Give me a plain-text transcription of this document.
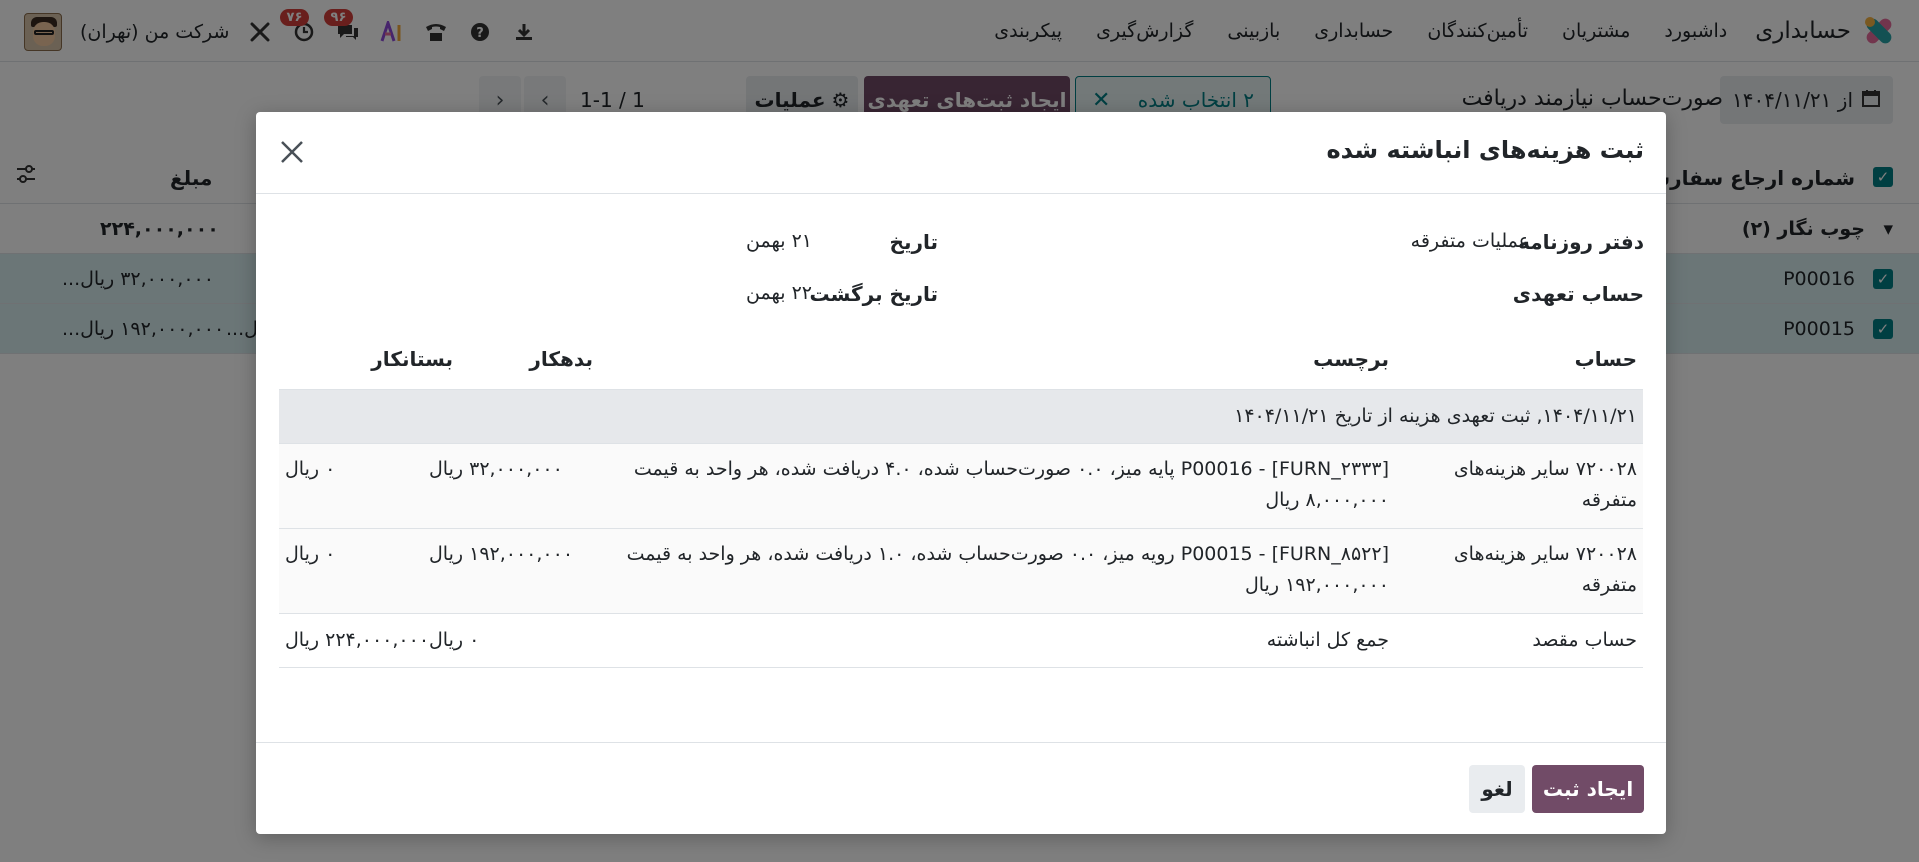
ثبت هزینه‌های انباشته شده
دفتر روزنامه
عملیات متفرقه
حساب تعهدی
تاریخ
۲۱ بهمن
تاریخ برگشت
۲۲ بهمن
حساب
برچسب
بدهکار
بستانکار
۱۴۰۴/۱۱/۲۱, ثبت تعهدی هزینه از تاریخ ۱۴۰۴/۱۱/۲۱
۷۲۰۰۲۸ سایر هزینه‌های
متفرقه
[FURN_۲۳۳۳] - P00016 پایه میز، ۰.۰ صورت‌حساب شده، ۴.۰ دریافت شده، هر واحد به قیمت
۸,۰۰۰,۰۰۰ ریال
۳۲,۰۰۰,۰۰۰ ریال
۰ ریال
۷۲۰۰۲۸ سایر هزینه‌های
متفرقه
[FURN_۸۵۲۲] - P00015 رویه میز، ۰.۰ صورت‌حساب شده، ۱.۰ دریافت شده، هر واحد به قیمت
۱۹۲,۰۰۰,۰۰۰ ریال
۱۹۲,۰۰۰,۰۰۰ ریال
۰ ریال
حساب مقصد
جمع کل انباشته
۰ ریال
۲۲۴,۰۰۰,۰۰۰ ریال
ایجاد ثبت
لغو
